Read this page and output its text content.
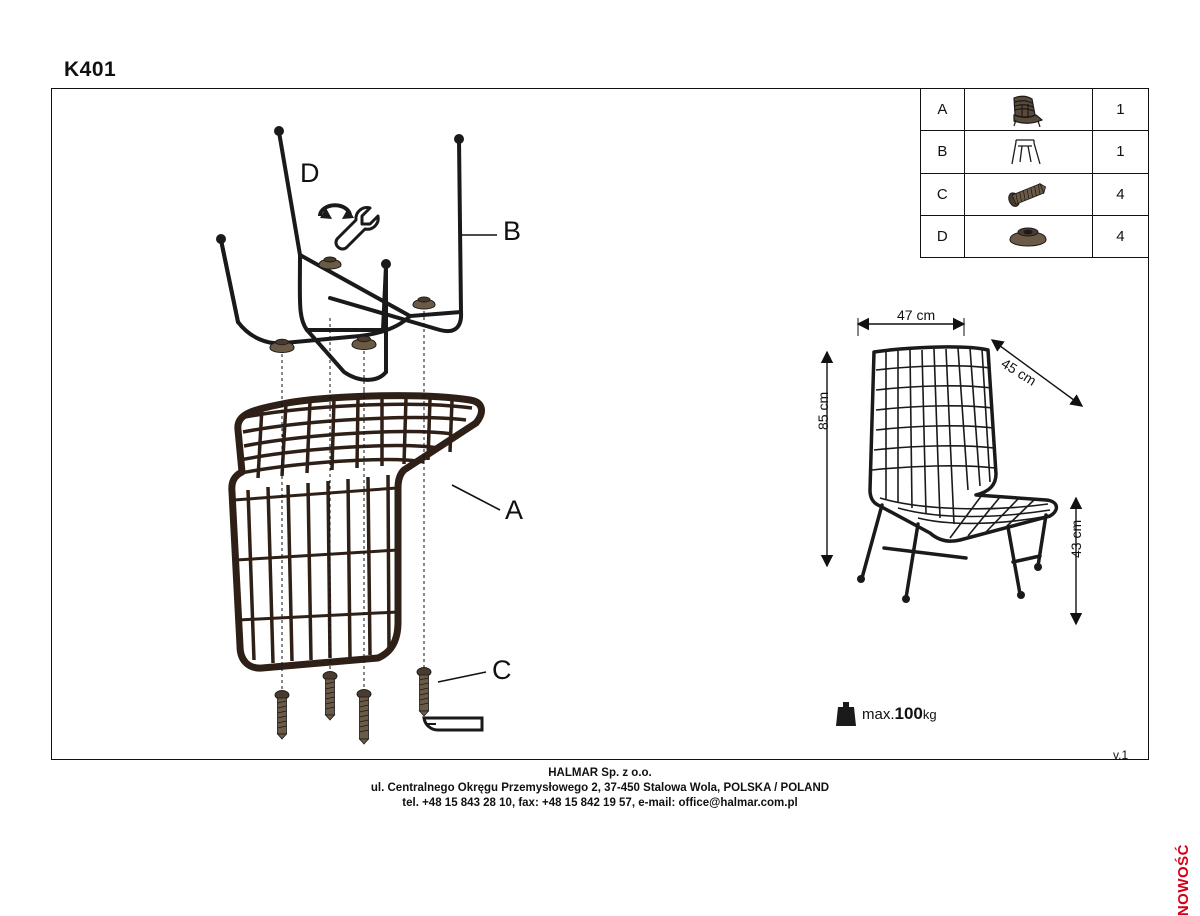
K401
A		1
B		1
C		4
D		4
D
B
A
C
47 cm
45 cm
85 cm
43 cm
max.100kg
v.1
HALMAR Sp. z o.o.
ul. Centralnego Okręgu Przemysłowego 2, 37-450 Stalowa Wola, POLSKA / POLAND
tel. +48 15 843 28 10, fax: +48 15 842 19 57, e-mail: office@halmar.com.pl
NOWOŚĆ
